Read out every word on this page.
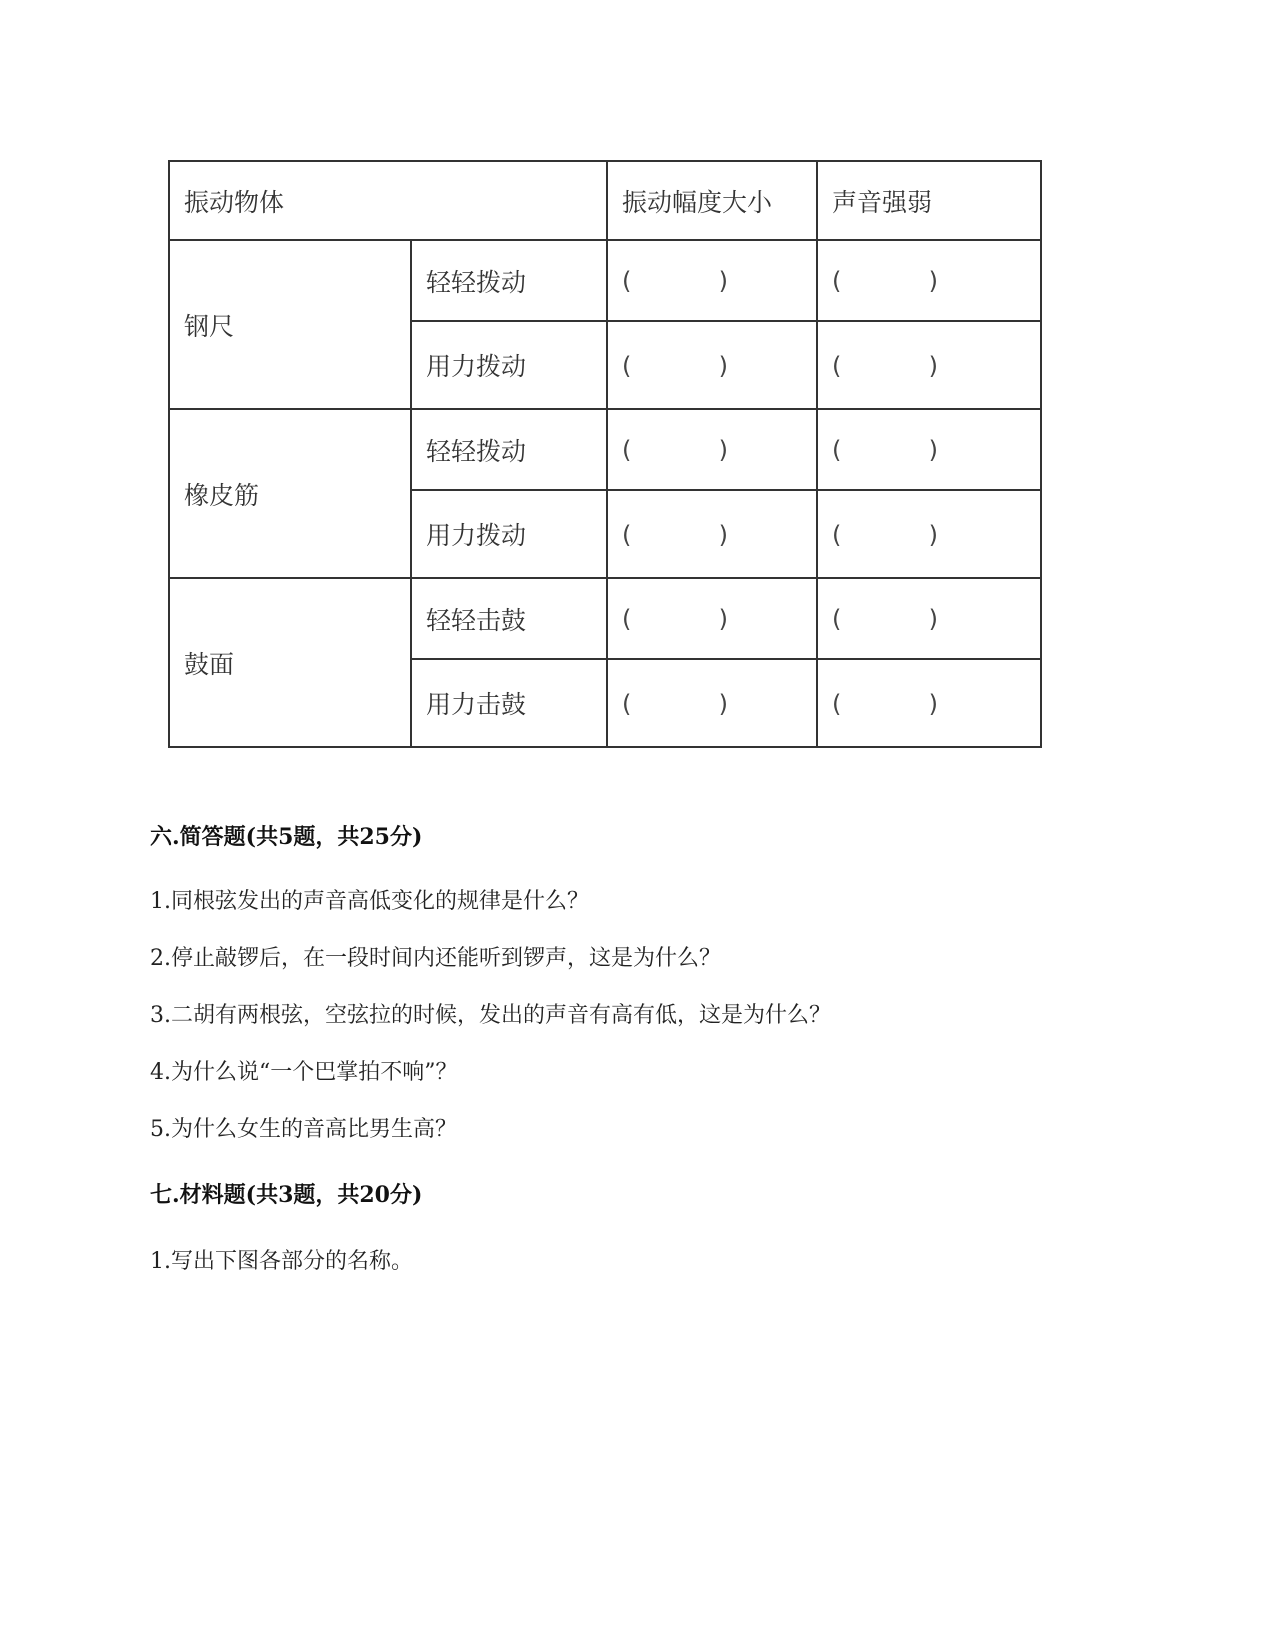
振动物体		振动幅度大小	声音强弱
钢尺	轻轻拨动	( )	( )

	用力拨动	( )	( )

橡皮筋	轻轻拨动	( )	( )

	用力拨动	( )	( )

鼓面	轻轻击鼓	( )	( )

	用力击鼓	( )	( )
六.简答题(共5题，共25分)
1.同根弦发出的声音高低变化的规律是什么？
2.停止敲锣后，在一段时间内还能听到锣声，这是为什么？
3.二胡有两根弦，空弦拉的时候，发出的声音有高有低，这是为什么？
4.为什么说“一个巴掌拍不响”？
5.为什么女生的音高比男生高？
七.材料题(共3题，共20分)
1.写出下图各部分的名称。
